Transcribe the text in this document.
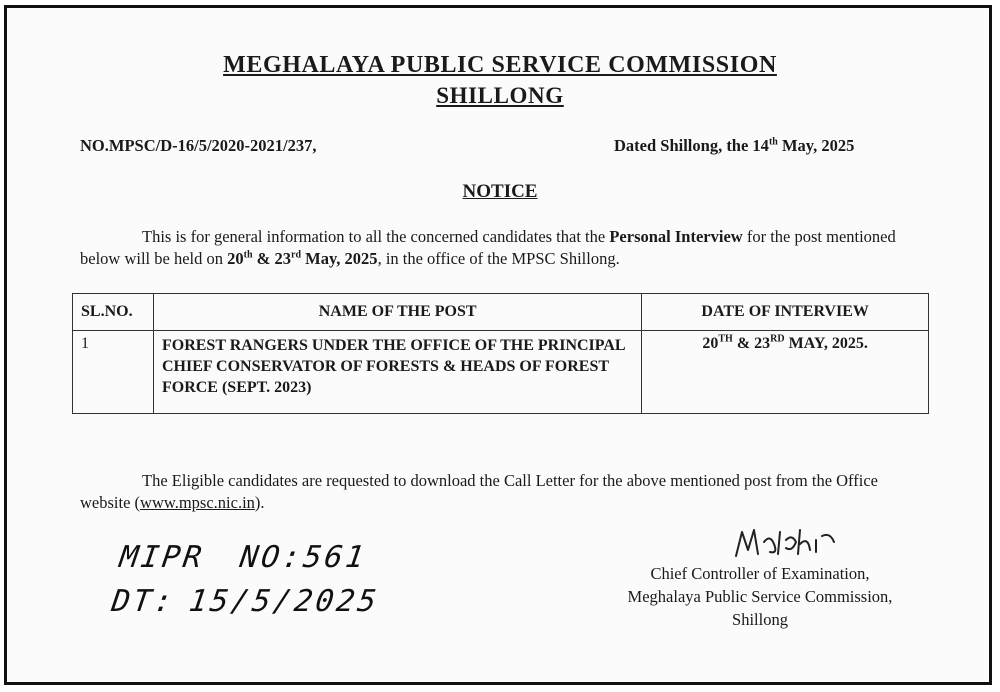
MEGHALAYA PUBLIC SERVICE COMMISSION
SHILLONG
NO.MPSC/D-16/5/2020-2021/237,	Dated Shillong, the 14th May, 2025
NOTICE
This is for general information to all the concerned candidates that the Personal Interview for the post mentioned below will be held on 20th & 23rd May, 2025, in the office of the MPSC Shillong.
SL.NO.	NAME OF THE POST	DATE OF INTERVIEW
1	FOREST RANGERS UNDER THE OFFICE OF THE PRINCIPAL CHIEF CONSERVATOR OF FORESTS & HEADS OF FOREST FORCE (SEPT. 2023)	20TH & 23RD MAY, 2025.
The Eligible candidates are requested to download the Call Letter for the above mentioned post from the Office website (www.mpsc.nic.in).
MIPR NO:561
DT: 15/5/2025
Chief Controller of Examination,
Meghalaya Public Service Commission,
Shillong
